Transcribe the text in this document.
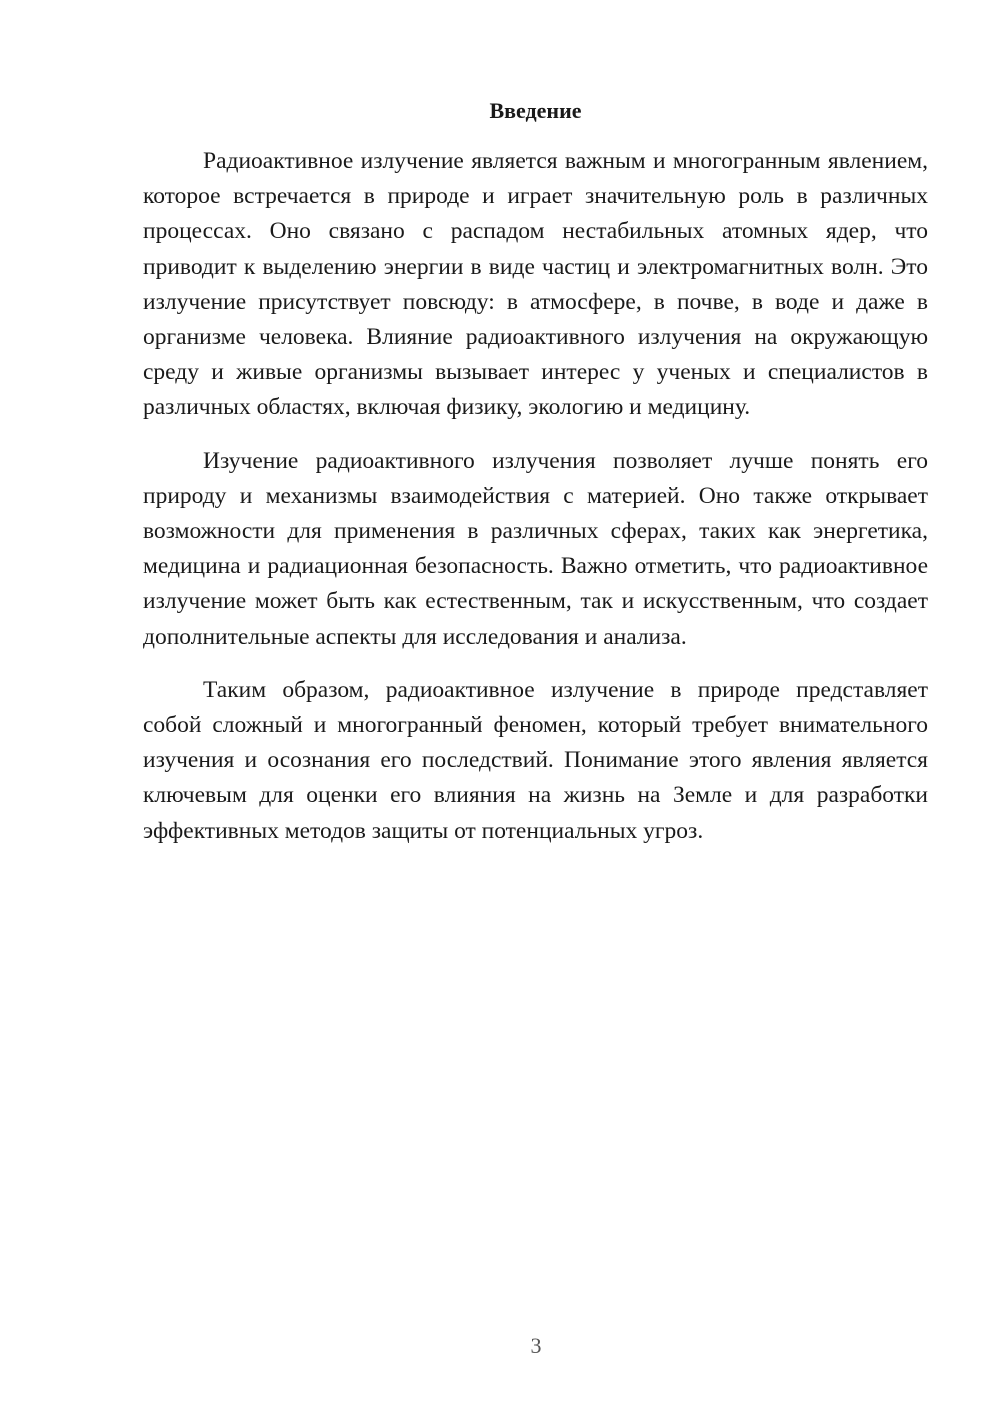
Введение

Радиоактивное излучение является важным и многогранным явлением, которое встречается в природе и играет значительную роль в различных процессах. Оно связано с распадом нестабильных атомных ядер, что приводит к выделению энергии в виде частиц и электромагнитных волн. Это излучение присутствует повсюду: в атмосфере, в почве, в воде и даже в организме человека. Влияние радиоактивного излучения на окружающую среду и живые организмы вызывает интерес у ученых и специалистов в различных областях, включая физику, экологию и медицину.

Изучение радиоактивного излучения позволяет лучше понять его природу и механизмы взаимодействия с материей. Оно также открывает возможности для применения в различных сферах, таких как энергетика, медицина и радиационная безопасность. Важно отметить, что радиоактивное излучение может быть как естественным, так и искусственным, что создает дополнительные аспекты для исследования и анализа.

Таким образом, радиоактивное излучение в природе представляет собой сложный и многогранный феномен, который требует внимательного изучения и осознания его последствий. Понимание этого явления является ключевым для оценки его влияния на жизнь на Земле и для разработки эффективных методов защиты от потенциальных угроз.

3
